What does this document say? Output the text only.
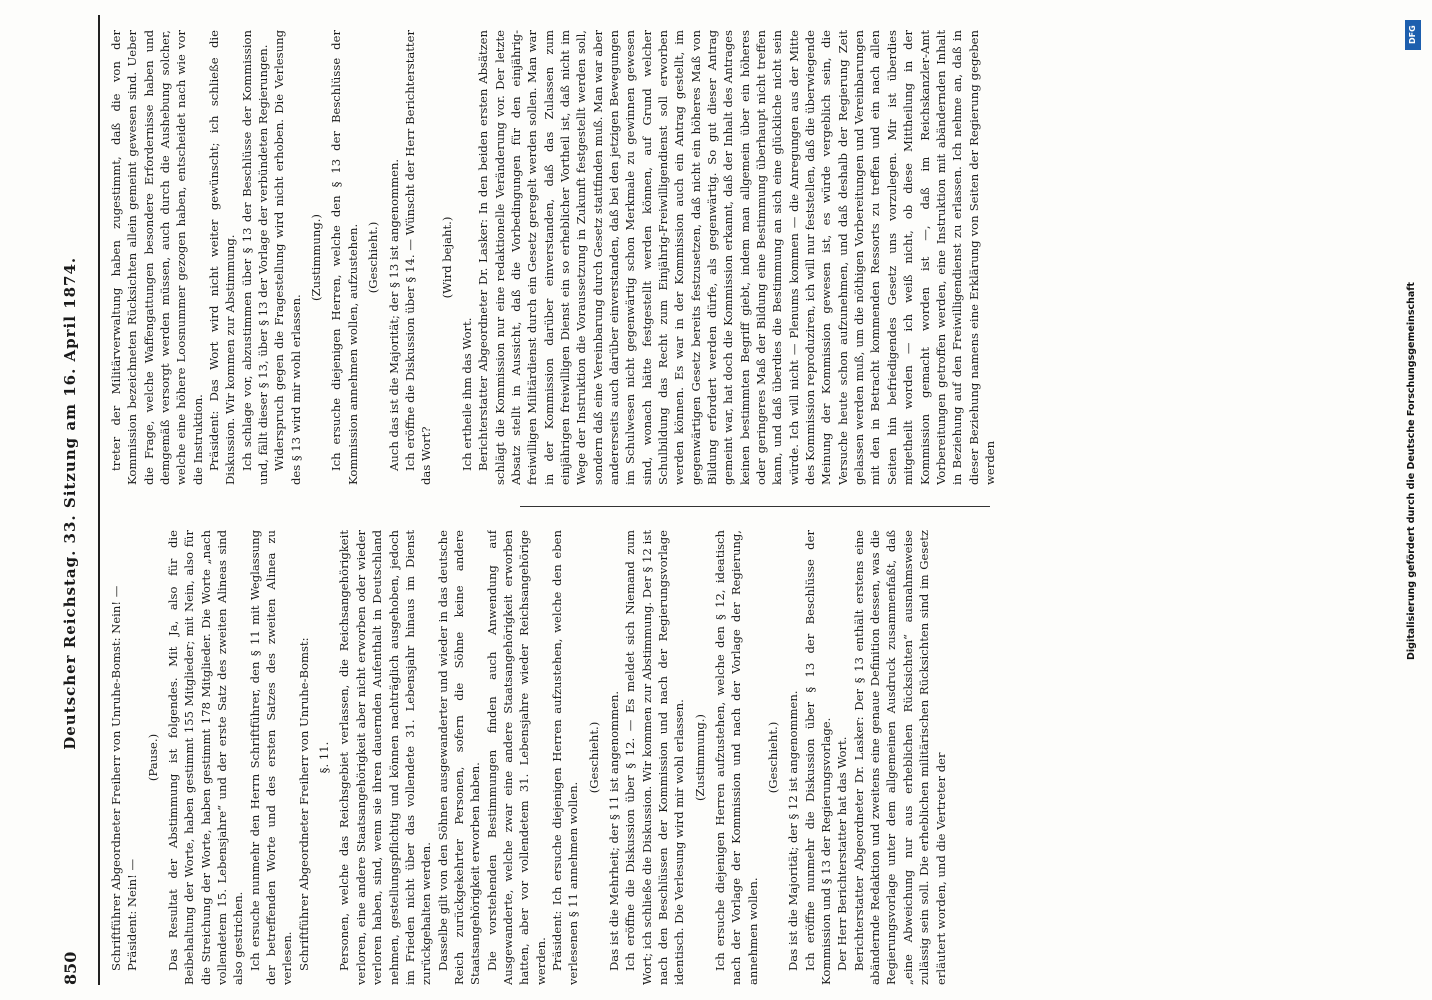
850
Deutscher Reichstag. 33. Sitzung am 16. April 1874.

Schriftführer Abgeordneter Freiherr von Unruhe-Bomst: Nein! — Präsident: Nein! —

(Pause.) Das Resultat der Abstimmung ist folgendes. Mit Ja, also für die Beibehaltung der Worte, haben gestimmt 155 Mitglieder; mit Nein, also für die Streichung der Worte, haben gestimmt 178 Mitglieder. Die Worte „nach vollendetem 15. Lebensjahre“ und der erste Satz des zweiten Alineas sind also gestrichen. Ich ersuche nunmehr den Herrn Schriftführer, den § 11 mit Weglassung der betreffenden Worte und des ersten Satzes des zweiten Alinea zu verlesen. Schriftführer Abgeordneter Freiherr von Unruhe-Bomst: §. 11. Personen, welche das Reichsgebiet verlassen, die Reichsangehörigkeit verloren, eine andere Staatsangehörigkeit aber nicht erworben oder wieder verloren haben, sind, wenn sie ihren dauernden Aufenthalt in Deutschland nehmen, gestellungspflichtig und können nachträglich ausgehoben, jedoch im Frieden nicht über das vollendete 31. Lebensjahr hinaus im Dienst zurückgehalten werden. Dasselbe gilt von den Söhnen ausgewanderter und wieder in das deutsche Reich zurückgekehrter Personen, sofern die Söhne keine andere Staatsangehörigkeit erworben haben. Die vorstehenden Bestimmungen finden auch Anwendung auf Ausgewanderte, welche zwar eine andere Staatsangehörigkeit erworben hatten, aber vor vollendetem 31. Lebensjahre wieder Reichsangehörige werden. Präsident: Ich ersuche diejenigen Herren aufzustehen, welche den eben verlesenen § 11 annehmen wollen.

(Geschieht.) Das ist die Mehrheit; der § 11 ist angenommen. Ich eröffne die Diskussion über § 12. — Es meldet sich Niemand zum Wort; ich schließe die Diskussion. Wir kommen zur Abstimmung. Der § 12 ist nach den Beschlüssen der Kommission und nach der Regierungsvorlage identisch. Die Verlesung wird mir wohl erlassen. (Zustimmung.) Ich ersuche diejenigen Herren aufzustehen, welche den § 12, ideatisch nach der Vorlage der Kommission und nach der Vorlage der Regierung, annehmen wollen.

(Geschieht.) Das ist die Majorität; der § 12 ist angenommen. Ich eröffne nunmehr die Diskussion über § 13 der Beschlüsse der Kommission und § 13 der Regierungsvorlage. Der Herr Berichterstatter hat das Wort. Berichterstatter Abgeordneter Dr. Lasker: Der § 13 enthält erstens eine abändernde Redaktion und zweitens eine genaue Definition dessen, was die Regierungsvorlage unter dem allgemeinen Ausdruck zusammenfaßt, daß „eine Abweichung nur aus erheblichen Rücksichten“ ausnahmsweise zulässig sein soll. Die erheblichen militärischen Rücksichten sind im Gesetz erläutert worden, und die Vertreter der

treter der Militärverwaltung haben zugestimmt, daß die von der Kommission bezeichneten Rücksichten allein gemeint gewesen sind. Ueber die Frage, welche Waffengattungen besondere Erfordernisse haben und demgemäß versorgt werden müssen, auch durch die Aushebung solcher, welche eine höhere Loosnummer gezogen haben, entscheidet nach wie vor die Instruktion. Präsident: Das Wort wird nicht weiter gewünscht; ich schließe die Diskussion. Wir kommen zur Abstimmung. Ich schlage vor, abzustimmen über § 13 der Beschlüsse der Kommission und, fällt dieser § 13, über § 13 der Vorlage der verbündeten Regierungen. Widerspruch gegen die Fragestellung wird nicht erhoben. Die Verlesung des § 13 wird mir wohl erlassen.

(Zustimmung.) Ich ersuche diejenigen Herren, welche den § 13 der Beschlüsse der Kommission annehmen wollen, aufzustehen. (Geschieht.) Auch das ist die Majorität; der § 13 ist angenommen. Ich eröffne die Diskussion über § 14. — Wünscht der Herr Berichterstatter das Wort?

(Wird bejaht.)

Ich ertheile ihm das Wort. Berichterstatter Abgeordneter Dr. Lasker: In den beiden ersten Absätzen schlägt die Kommission nur eine redaktionelle Veränderung vor. Der letzte Absatz stellt in Aussicht, daß die Vorbedingungen für den einjährig-freiwilligen Militärdienst durch ein Gesetz geregelt werden sollen. Man war in der Kommission darüber einverstanden, daß das Zulassen zum einjährigen freiwilligen Dienst ein so erheblicher Vortheil ist, daß nicht im Wege der Instruktion die Voraussetzung in Zukunft festgestellt werden soll, sondern daß eine Vereinbarung durch Gesetz stattfinden muß. Man war aber andererseits auch darüber einverstanden, daß bei den jetzigen Bewegungen im Schulwesen nicht gegenwärtig schon Merkmale zu gewinnen gewesen sind, wonach hätte festgestellt werden können, auf Grund welcher Schulbildung das Recht zum Einjährig-Freiwilligendienst soll erworben werden können. Es war in der Kommission auch ein Antrag gestellt, im gegenwärtigen Gesetz bereits festzusetzen, daß nicht ein höheres Maß von Bildung erfordert werden dürfe, als gegenwärtig. So gut dieser Antrag gemeint war, hat doch die Kommission erkannt, daß der Inhalt des Antrages keinen bestimmten Begriff giebt, indem man allgemein über ein höheres oder geringeres Maß der Bildung eine Bestimmung überhaupt nicht treffen kann, und daß überdies die Bestimmung an sich eine glückliche nicht sein würde. Ich will nicht — Plenums kommen — die Anregungen aus der Mitte des Kommission reproduziren, ich will nur feststellen, daß die überwiegende Meinung der Kommission gewesen ist, es würde vergeblich sein, die Versuche heute schon aufzunehmen, und daß deshalb der Regierung Zeit gelassen werden muß, um die nöthigen Vorbereitungen und Vereinbarungen mit den in Betracht kommenden Ressorts zu treffen und ein nach allen Seiten hin befriedigendes Gesetz uns vorzulegen. Mir ist überdies mitgetheilt worden — ich weiß nicht, ob diese Mittheilung in der Kommission gemacht worden ist —, daß im Reichskanzler-Amt Vorbereitungen getroffen werden, eine Instruktion mit abändernden Inhalt in Beziehung auf den Freiwilligendienst zu erlassen. Ich nehme an, daß in dieser Beziehung namens eine Erklärung von Seiten der Regierung gegeben werden

DFG
Digitalisierung gefördert durch die Deutsche Forschungsgemeinschaft
